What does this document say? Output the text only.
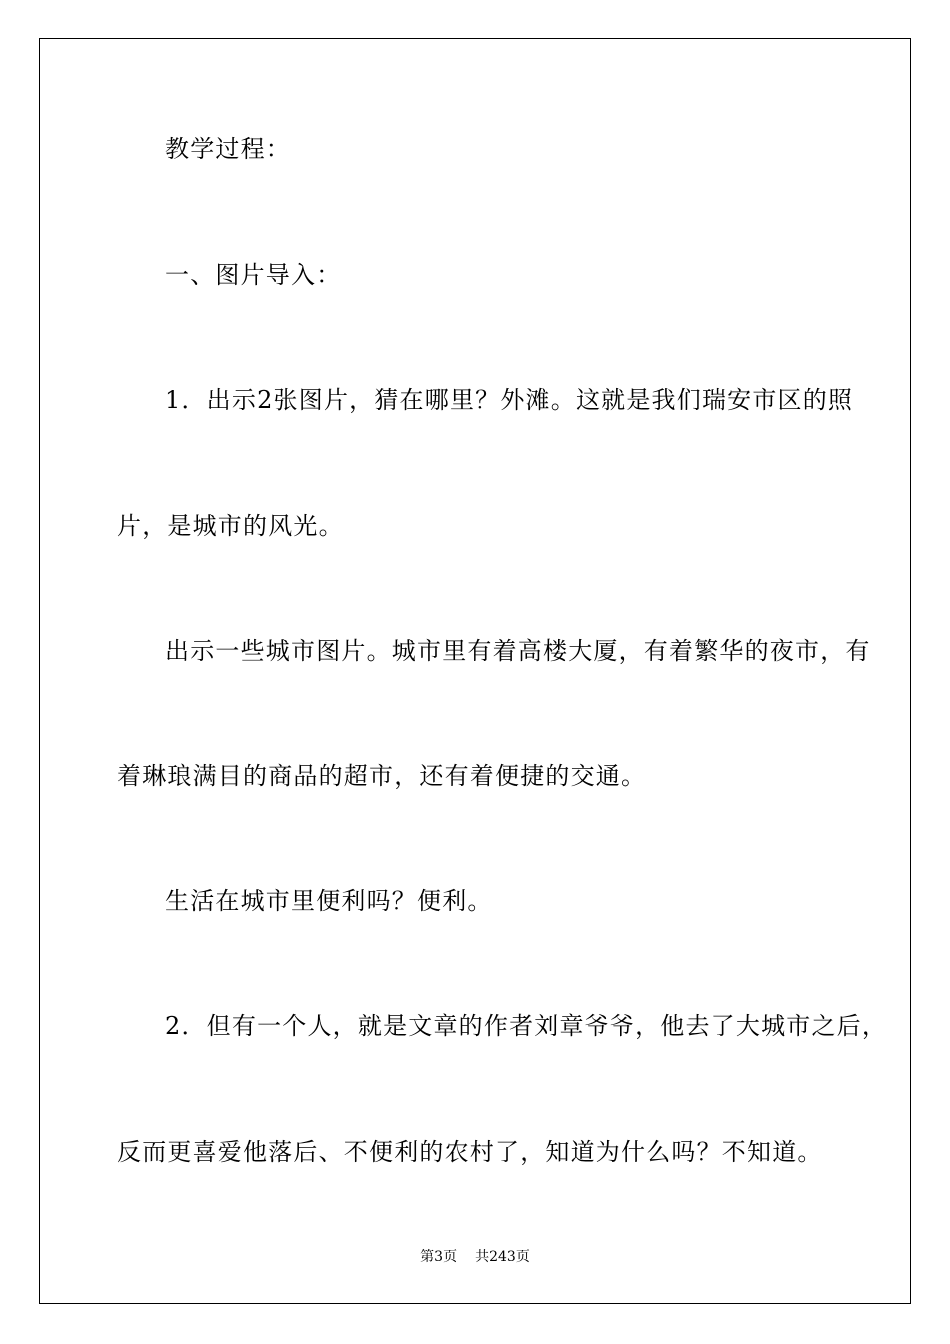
教学过程：
一、图片导入：
1．出示2张图片，猜在哪里？外滩。这就是我们瑞安市区的照
片，是城市的风光。
出示一些城市图片。城市里有着高楼大厦，有着繁华的夜市，有
着琳琅满目的商品的超市，还有着便捷的交通。
生活在城市里便利吗？便利。
2．但有一个人，就是文章的作者刘章爷爷，他去了大城市之后，
反而更喜爱他落后、不便利的农村了，知道为什么吗？不知道。
第3页 共243页
